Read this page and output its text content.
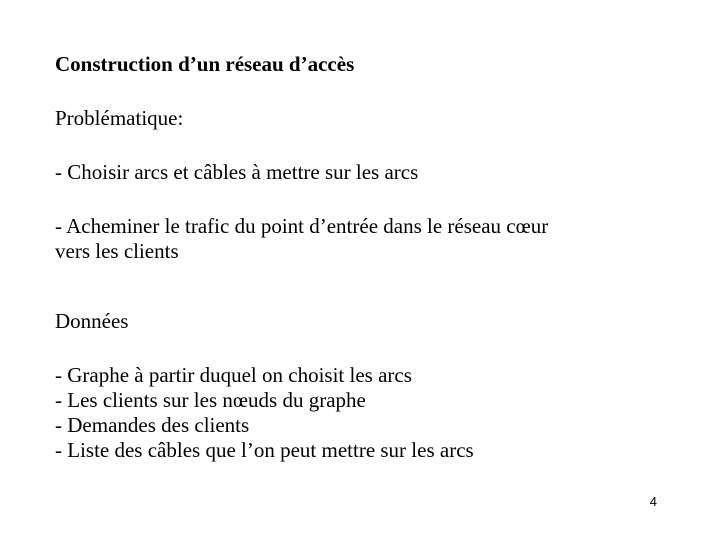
Construction d’un réseau d’accès

Problématique:

- Choisir arcs et câbles à mettre sur les arcs

- Acheminer le trafic du point d’entrée dans le réseau cœur

vers les clients

Données

- Graphe à partir duquel on choisit les arcs

- Les clients sur les nœuds du graphe

- Demandes des clients

- Liste des câbles que l’on peut mettre sur les arcs

4
